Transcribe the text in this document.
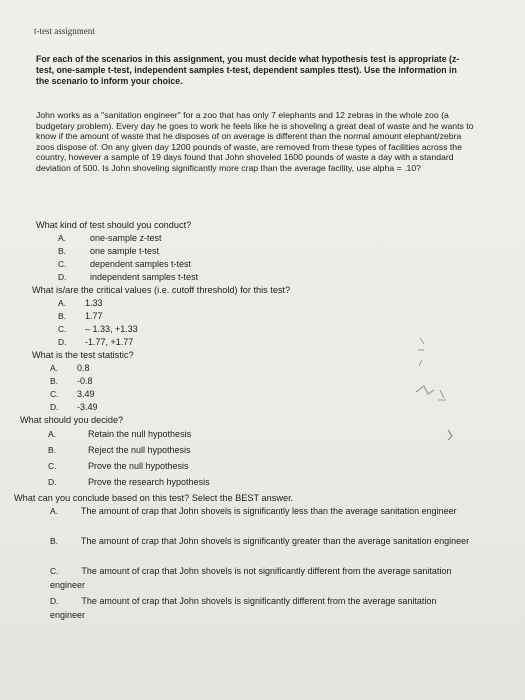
t-test assignment
For each of the scenarios in this assignment, you must decide what hypothesis test is appropriate (z-test, one-sample t-test, independent samples t-test, dependent samples ttest). Use the information in the scenario to inform your choice.
John works as a "sanitation engineer" for a zoo that has only 7 elephants and 12 zebras in the whole zoo (a budgetary problem). Every day he goes to work he feels like he is shoveling a great deal of waste and he wants to know if the amount of waste that he disposes of on average is different than the normal amount elephant/zebra zoos dispose of. On any given day 1200 pounds of waste, are removed from these types of facilities across the country, however a sample of 19 days found that John shoveled 1600 pounds of waste a day with a standard deviation of 500. Is John shoveling significantly more crap than the average facility, use alpha = .10?
What kind of test should you conduct?
A.	one-sample z-test
B.	one sample t-test
C.	dependent samples t-test
D.	independent samples t-test
What is/are the critical values (i.e. cutoff threshold) for this test?
A. 1.33
B. 1.77
C. – 1.33, +1.33
D. -1.77, +1.77
What is the test statistic?
A. 0.8
B. -0.8
C. 3.49
D. -3.49
What should you decide?
A.	Retain the null hypothesis
B.	Reject the null hypothesis
C.	Prove the null hypothesis
D.	Prove the research hypothesis
What can you conclude based on this test? Select the BEST answer.
A.	The amount of crap that John shovels is significantly less than the average sanitation engineer
B.	The amount of crap that John shovels is significantly greater than the average sanitation engineer
C.	The amount of crap that John shovels is not significantly different from the average sanitation engineer
D.	The amount of crap that John shovels is significantly different from the average sanitation engineer
